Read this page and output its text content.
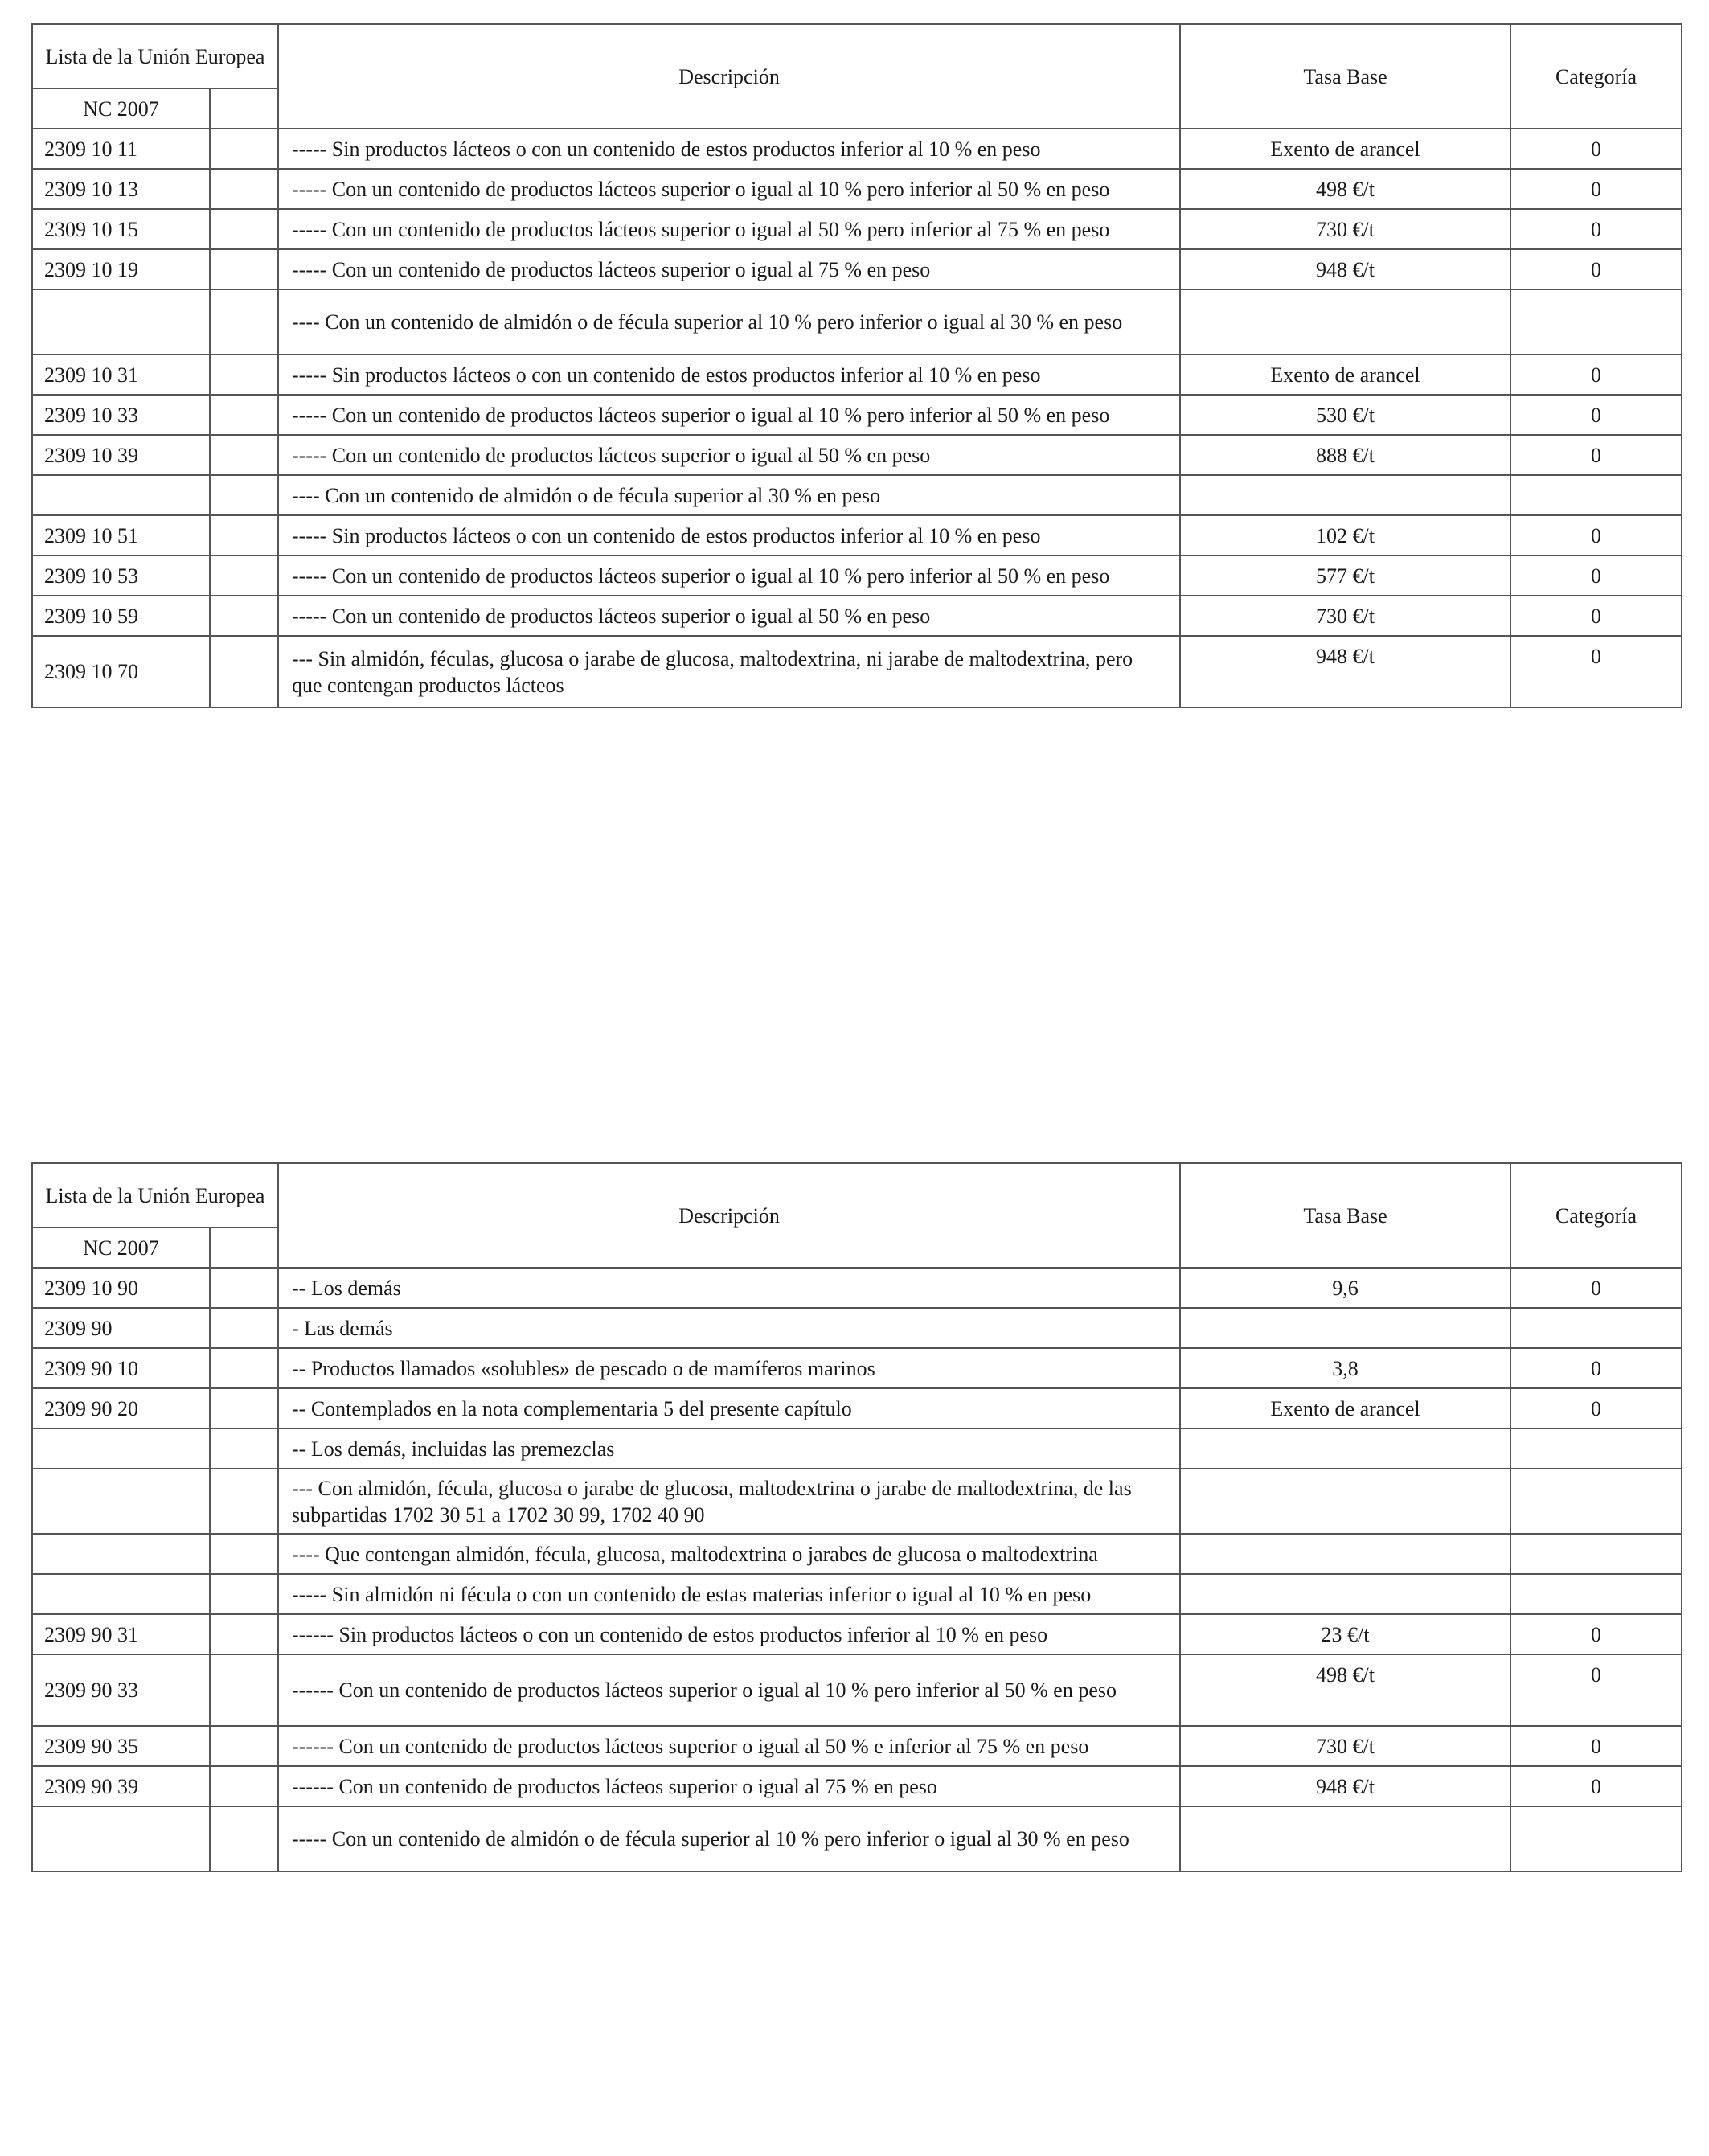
Lista de la Unión Europea		Descripción	Tasa Base	Categoría
NC 2007				
2309 10 11		----- Sin productos lácteos o con un contenido de estos productos inferior al 10 % en peso	Exento de arancel	0
2309 10 13		----- Con un contenido de productos lácteos superior o igual al 10 % pero inferior al 50 % en peso	498 €/t	0
2309 10 15		----- Con un contenido de productos lácteos superior o igual al 50 % pero inferior al 75 % en peso	730 €/t	0
2309 10 19		----- Con un contenido de productos lácteos superior o igual al 75 % en peso	948 €/t	0
		---- Con un contenido de almidón o de fécula superior al 10 % pero inferior o igual al 30 % en peso		
2309 10 31		----- Sin productos lácteos o con un contenido de estos productos inferior al 10 % en peso	Exento de arancel	0
2309 10 33		----- Con un contenido de productos lácteos superior o igual al 10 % pero inferior al 50 % en peso	530 €/t	0
2309 10 39		----- Con un contenido de productos lácteos superior o igual al 50 % en peso	888 €/t	0
		---- Con un contenido de almidón o de fécula superior al 30 % en peso		
2309 10 51		----- Sin productos lácteos o con un contenido de estos productos inferior al 10 % en peso	102 €/t	0
2309 10 53		----- Con un contenido de productos lácteos superior o igual al 10 % pero inferior al 50 % en peso	577 €/t	0
2309 10 59		----- Con un contenido de productos lácteos superior o igual al 50 % en peso	730 €/t	0
2309 10 70		--- Sin almidón, féculas, glucosa o jarabe de glucosa, maltodextrina, ni jarabe de maltodextrina, pero que contengan productos lácteos	948 €/t	0
Lista de la Unión Europea		Descripción	Tasa Base	Categoría
NC 2007				
2309 10 90		-- Los demás	9,6	0
2309 90		- Las demás		
2309 90 10		-- Productos llamados «solubles» de pescado o de mamíferos marinos	3,8	0
2309 90 20		-- Contemplados en la nota complementaria 5 del presente capítulo	Exento de arancel	0
		-- Los demás, incluidas las premezclas		
		--- Con almidón, fécula, glucosa o jarabe de glucosa, maltodextrina o jarabe de maltodextrina, de las subpartidas 1702 30 51 a 1702 30 99, 1702 40 90		
		---- Que contengan almidón, fécula, glucosa, maltodextrina o jarabes de glucosa o maltodextrina		
		----- Sin almidón ni fécula o con un contenido de estas materias inferior o igual al 10 % en peso		
2309 90 31		------ Sin productos lácteos o con un contenido de estos productos inferior al 10 % en peso	23 €/t	0
2309 90 33		------ Con un contenido de productos lácteos superior o igual al 10 % pero inferior al 50 % en peso	498 €/t	0
2309 90 35		------ Con un contenido de productos lácteos superior o igual al 50 % e inferior al 75 % en peso	730 €/t	0
2309 90 39		------ Con un contenido de productos lácteos superior o igual al 75 % en peso	948 €/t	0
		----- Con un contenido de almidón o de fécula superior al 10 % pero inferior o igual al 30 % en peso		
